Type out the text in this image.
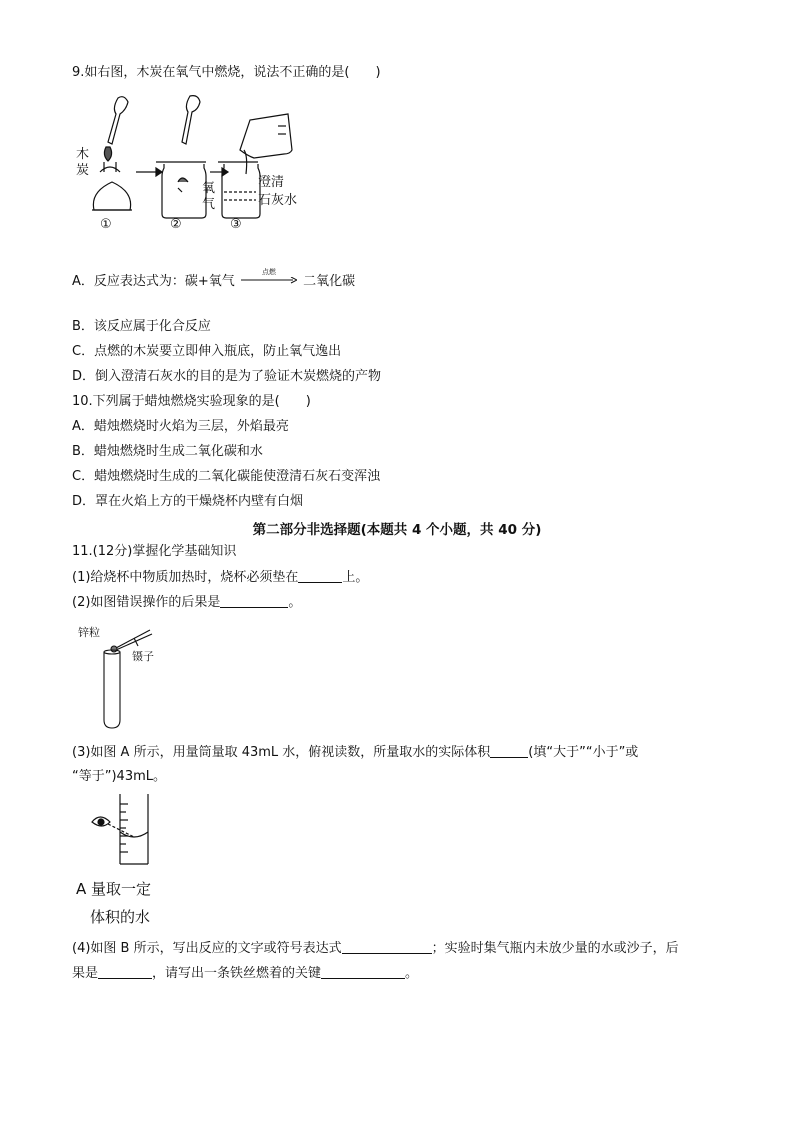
9.如右图，木炭在氧气中燃烧，说法不正确的是(　　)
木
炭
氧
气
澄清
石灰水
①	②	③
A．反应表达式为：碳+氧气
点燃
二氧化碳
B．该反应属于化合反应
C．点燃的木炭要立即伸入瓶底，防止氧气逸出
D．倒入澄清石灰水的目的是为了验证木炭燃烧的产物
10.下列属于蜡烛燃烧实验现象的是(　　)
A．蜡烛燃烧时火焰为三层，外焰最亮
B．蜡烛燃烧时生成二氧化碳和水
C．蜡烛燃烧时生成的二氧化碳能使澄清石灰石变浑浊
D．罩在火焰上方的干燥烧杯内壁有白烟
第二部分非选择题(本题共 4 个小题，共 40 分)
11.(12分)掌握化学基础知识
(1)给烧杯中物质加热时，烧杯必须垫在	上。
(2)如图错误操作的后果是	。
锌粒
镊子
(3)如图 A 所示，用量筒量取 43mL 水，俯视读数，所量取水的实际体积	(填“大于”“小于”或
“等于”)43mL。
A 量取一定
体积的水
(4)如图 B 所示，写出反应的文字或符号表达式	；实验时集气瓶内未放少量的水或沙子，后
果是	，请写出一条铁丝燃着的关键	。
